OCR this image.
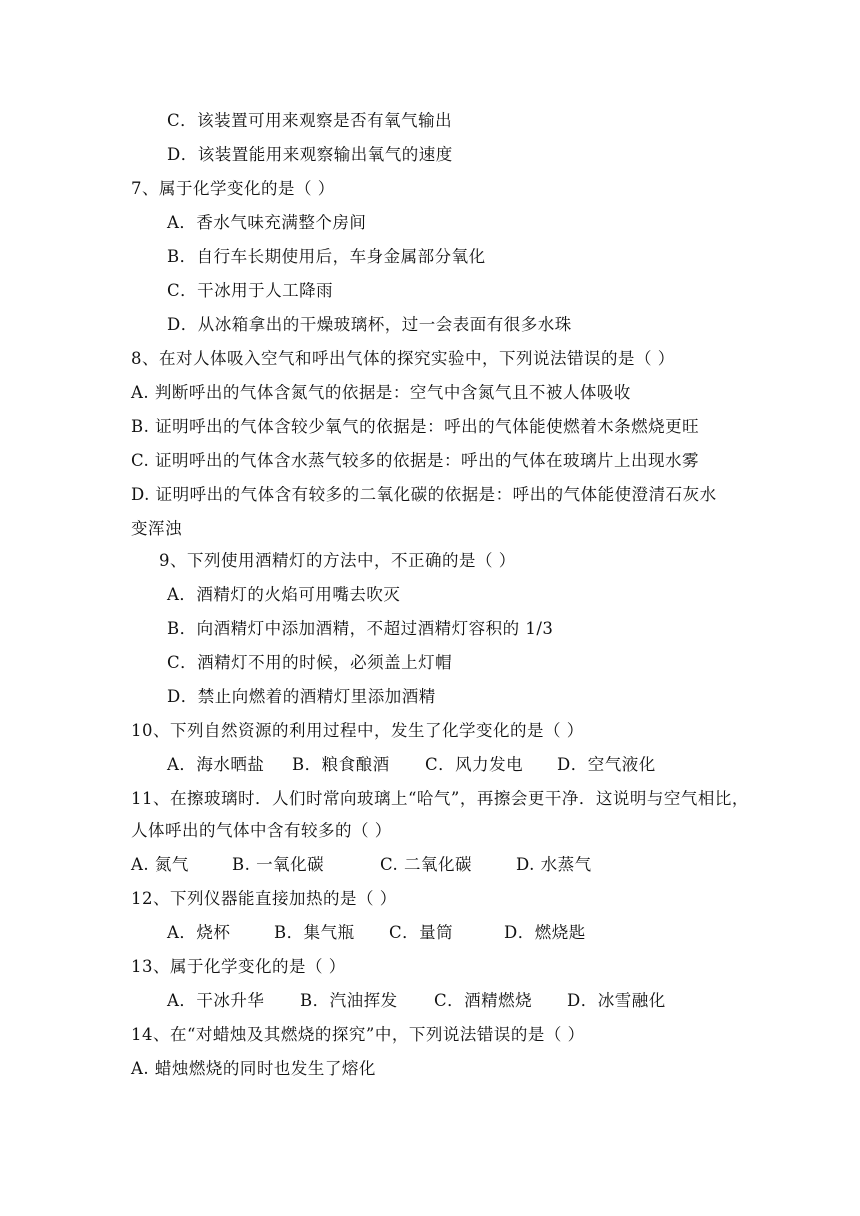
C．该装置可用来观察是否有氧气输出
D．该装置能用来观察输出氧气的速度
7、属于化学变化的是（ ）
A．香水气味充满整个房间
B．自行车长期使用后，车身金属部分氧化
C．干冰用于人工降雨
D．从冰箱拿出的干燥玻璃杯，过一会表面有很多水珠
8、在对人体吸入空气和呼出气体的探究实验中，下列说法错误的是（ ）
A. 判断呼出的气体含氮气的依据是：空气中含氮气且不被人体吸收
B. 证明呼出的气体含较少氧气的依据是：呼出的气体能使燃着木条燃烧更旺
C. 证明呼出的气体含水蒸气较多的依据是：呼出的气体在玻璃片上出现水雾
D. 证明呼出的气体含有较多的二氧化碳的依据是：呼出的气体能使澄清石灰水
变浑浊
9、下列使用酒精灯的方法中，不正确的是（ ）
A．酒精灯的火焰可用嘴去吹灭
B．向酒精灯中添加酒精，不超过酒精灯容积的 1/3
C．酒精灯不用的时候，必须盖上灯帽
D．禁止向燃着的酒精灯里添加酒精
10、下列自然资源的利用过程中，发生了化学变化的是（ ）
A．海水晒盐 B．粮食酿酒 C．风力发电 D．空气液化
11、在擦玻璃时．人们时常向玻璃上“哈气”，再擦会更干净．这说明与空气相比，
人体呼出的气体中含有较多的（ ）
A. 氮气	B. 一氧化碳	C. 二氧化碳	D. 水蒸气
12、下列仪器能直接加热的是（ ）
A．烧杯	B．集气瓶 C．量筒	D．燃烧匙
13、属于化学变化的是（ ）
A．干冰升华 B．汽油挥发 C．酒精燃烧 D．冰雪融化
14、在“对蜡烛及其燃烧的探究”中，下列说法错误的是（ ）
A. 蜡烛燃烧的同时也发生了熔化
